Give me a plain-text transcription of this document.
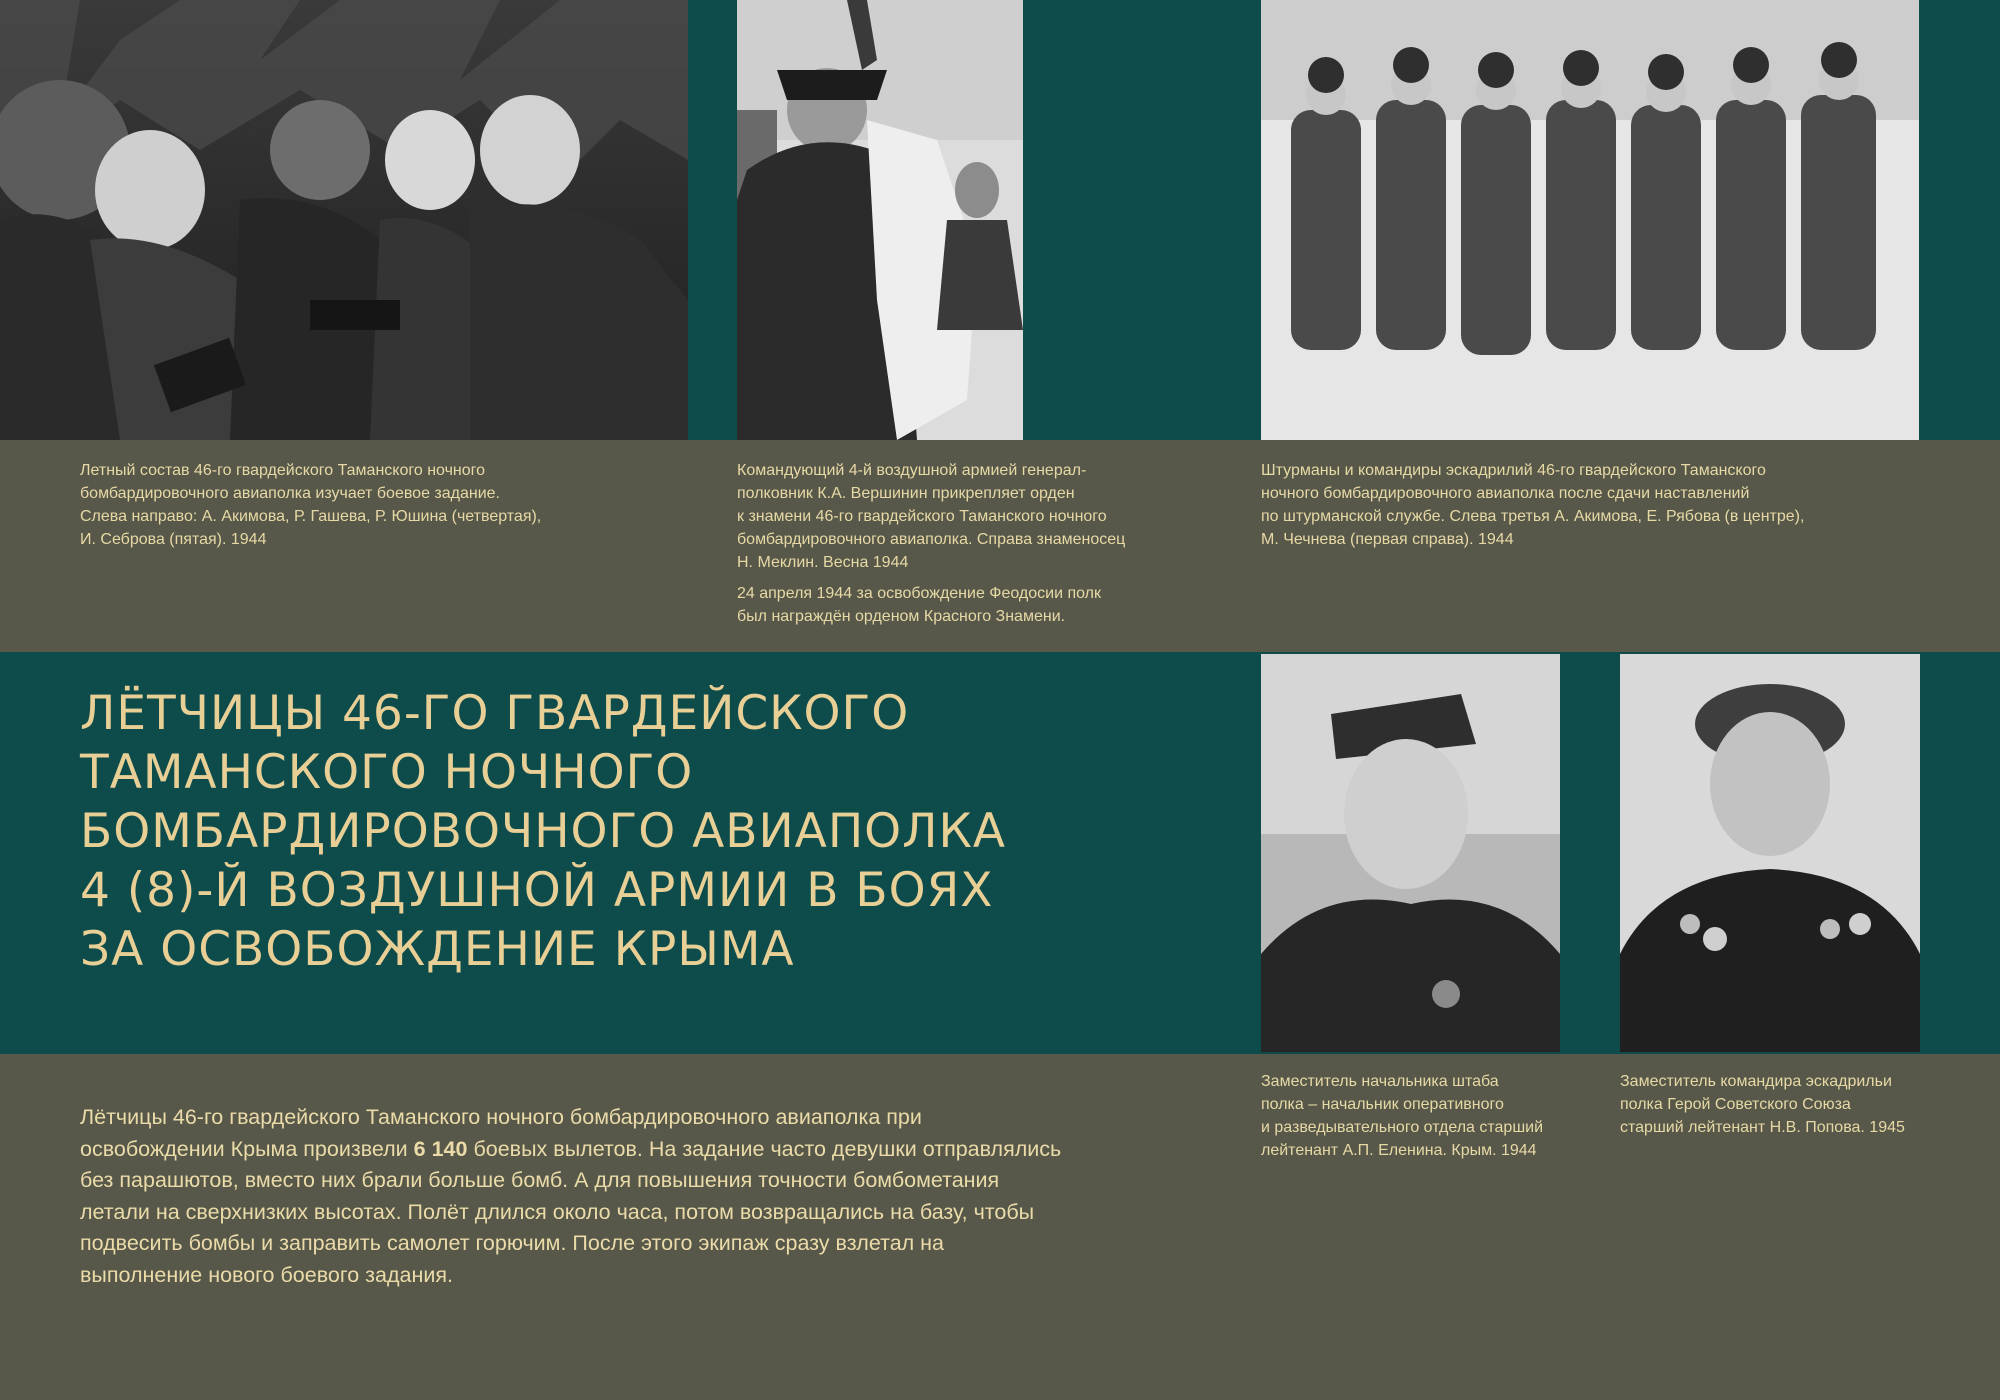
Летный состав 46-го гвардейского Таманского ночного
бомбардировочного авиаполка изучает боевое задание.
Слева направо: А. Акимова, Р. Гашева, Р. Юшина (четвертая),
И. Себрова (пятая). 1944

Командующий 4-й воздушной армией генерал-
полковник К.А. Вершинин прикрепляет орден
к знамени 46-го гвардейского Таманского ночного
бомбардировочного авиаполка. Справа знаменосец
Н. Меклин. Весна 1944

24 апреля 1944 за освобождение Феодосии полк
был награждён орденом Красного Знамени.

Штурманы и командиры эскадрилий 46-го гвардейского Таманского
ночного бомбардировочного авиаполка после сдачи наставлений
по штурманской службе. Слева третья А. Акимова, Е. Рябова (в центре),
М. Чечнева (первая справа). 1944

ЛЁТЧИЦЫ 46-ГО ГВАРДЕЙСКОГО
ТАМАНСКОГО НОЧНОГО
БОМБАРДИРОВОЧНОГО АВИАПОЛКА
4 (8)-Й ВОЗДУШНОЙ АРМИИ В БОЯХ
ЗА ОСВОБОЖДЕНИЕ КРЫМА

Заместитель начальника штаба
полка – начальник оперативного
и разведывательного отдела старший
лейтенант А.П. Еленина. Крым. 1944

Заместитель командира эскадрильи
полка Герой Советского Союза
старший лейтенант Н.В. Попова. 1945

Лётчицы 46-го гвардейского Таманского ночного бомбардировочного авиаполка при освобождении Крыма произвели 6 140 боевых вылетов. На задание часто девушки отправлялись без парашютов, вместо них брали больше бомб. А для повышения точности бомбометания летали на сверхнизких высотах. Полёт длился около часа, потом возвращались на базу, чтобы подвесить бомбы и заправить самолет горючим. После этого экипаж сразу взлетал на выполнение нового боевого задания.
